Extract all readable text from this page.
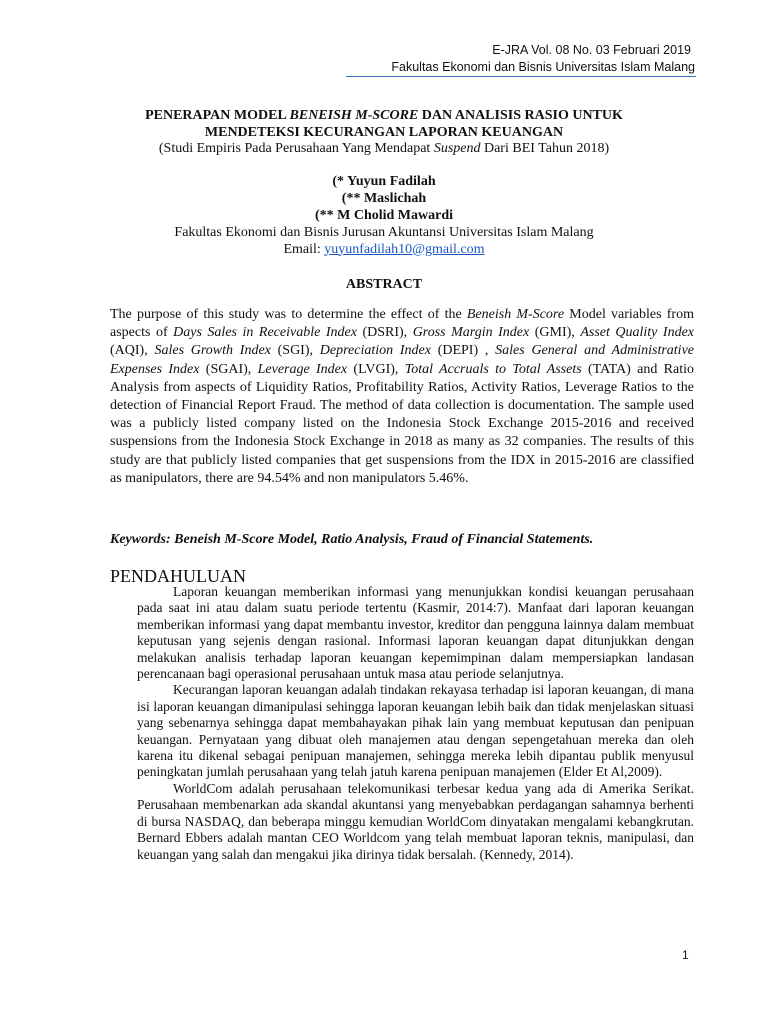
E-JRA Vol. 08 No. 03 Februari 2019
Fakultas Ekonomi dan Bisnis Universitas Islam Malang
PENERAPAN MODEL BENEISH M-SCORE DAN ANALISIS RASIO UNTUK
MENDETEKSI KECURANGAN LAPORAN KEUANGAN
(Studi Empiris Pada Perusahaan Yang Mendapat Suspend Dari BEI Tahun 2018)
(* Yuyun Fadilah
(** Maslichah
(** M Cholid Mawardi
Fakultas Ekonomi dan Bisnis Jurusan Akuntansi Universitas Islam Malang
Email: yuyunfadilah10@gmail.com
ABSTRACT
The purpose of this study was to determine the effect of the Beneish M-Score Model variables from aspects of Days Sales in Receivable Index (DSRI), Gross Margin Index (GMI), Asset Quality Index (AQI), Sales Growth Index (SGI), Depreciation Index (DEPI) , Sales General and Administrative Expenses Index (SGAI), Leverage Index (LVGI), Total Accruals to Total Assets (TATA) and Ratio Analysis from aspects of Liquidity Ratios, Profitability Ratios, Activity Ratios, Leverage Ratios to the detection of Financial Report Fraud. The method of data collection is documentation. The sample used was a publicly listed company listed on the Indonesia Stock Exchange 2015-2016 and received suspensions from the Indonesia Stock Exchange in 2018 as many as 32 companies. The results of this study are that publicly listed companies that get suspensions from the IDX in 2015-2016 are classified as manipulators, there are 94.54% and non manipulators 5.46%.
Keywords: Beneish M-Score Model, Ratio Analysis, Fraud of Financial Statements.
PENDAHULUAN

Laporan keuangan memberikan informasi yang menunjukkan kondisi keuangan perusahaan pada saat ini atau dalam suatu periode tertentu (Kasmir, 2014:7). Manfaat dari laporan keuangan memberikan informasi yang dapat membantu investor, kreditor dan pengguna lainnya dalam membuat keputusan yang sejenis dengan rasional. Informasi laporan keuangan dapat ditunjukkan dengan melakukan analisis terhadap laporan keuangan kepemimpinan dalam mempersiapkan landasan perencanaan bagi operasional perusahaan untuk masa atau periode selanjutnya.

Kecurangan laporan keuangan adalah tindakan rekayasa terhadap isi laporan keuangan, di mana isi laporan keuangan dimanipulasi sehingga laporan keuangan lebih baik dan tidak menjelaskan situasi yang sebenarnya sehingga dapat membahayakan pihak lain yang membuat keputusan dan penipuan keuangan. Pernyataan yang dibuat oleh manajemen atau dengan sepengetahuan mereka dan oleh karena itu dikenal sebagai penipuan manajemen, sehingga mereka lebih dipantau publik menyusul peningkatan jumlah perusahaan yang telah jatuh karena penipuan manajemen (Elder Et Al,2009).

WorldCom adalah perusahaan telekomunikasi terbesar kedua yang ada di Amerika Serikat. Perusahaan membenarkan ada skandal akuntansi yang menyebabkan perdagangan sahamnya berhenti di bursa NASDAQ, dan beberapa minggu kemudian WorldCom dinyatakan mengalami kebangkrutan. Bernard Ebbers adalah mantan CEO Worldcom yang telah membuat laporan teknis, manipulasi, dan keuangan yang salah dan mengakui jika dirinya tidak bersalah. (Kennedy, 2014).

1
